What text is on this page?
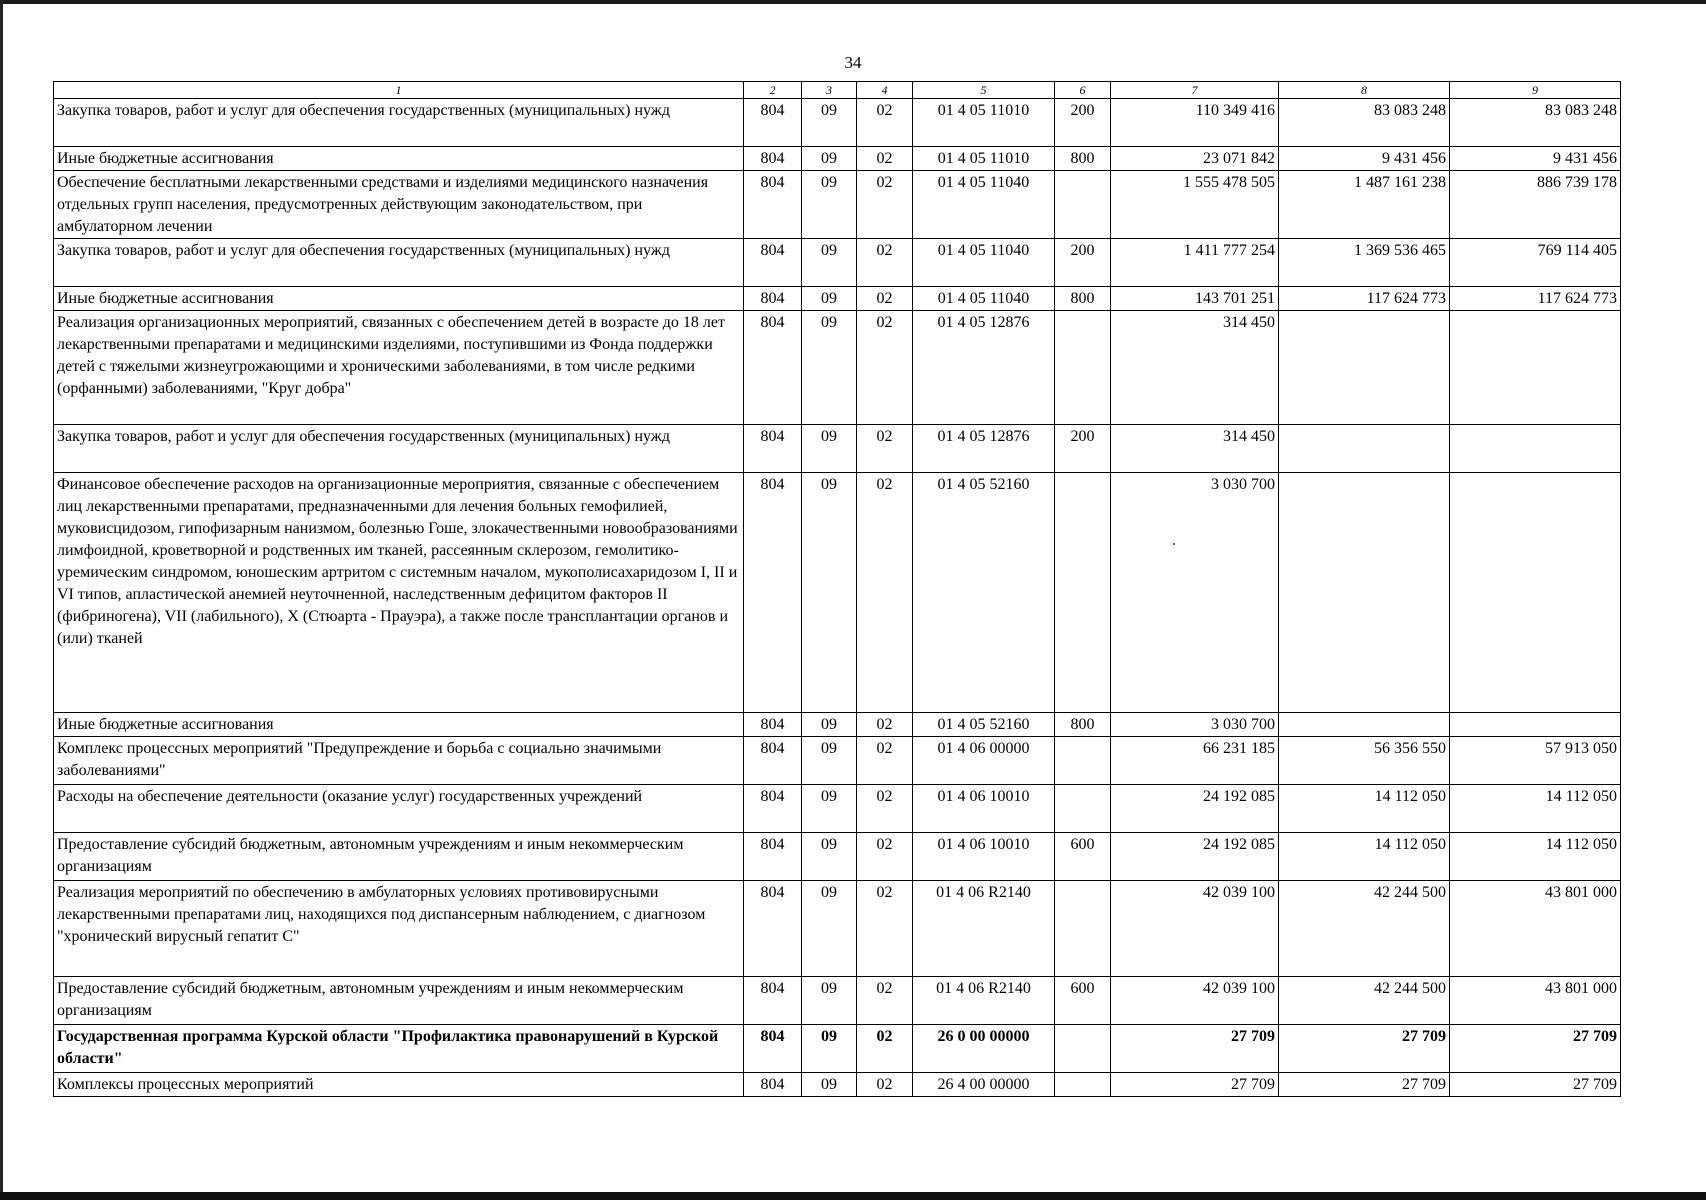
34
1	2	3	4	5	6	7	8	9
Закупка товаров, работ и услуг для обеспечения государственных (муниципальных) нужд	804	09	02	01 4 05 11010	200	110 349 416	83 083 248	83 083 248
Иные бюджетные ассигнования	804	09	02	01 4 05 11010	800	23 071 842	9 431 456	9 431 456
Обеспечение бесплатными лекарственными средствами и изделиями медицинского назначения отдельных групп населения, предусмотренных действующим законодательством, при амбулаторном лечении	804	09	02	01 4 05 11040		1 555 478 505	1 487 161 238	886 739 178
Закупка товаров, работ и услуг для обеспечения государственных (муниципальных) нужд	804	09	02	01 4 05 11040	200	1 411 777 254	1 369 536 465	769 114 405
Иные бюджетные ассигнования	804	09	02	01 4 05 11040	800	143 701 251	117 624 773	117 624 773
Реализация организационных мероприятий, связанных с обеспечением детей в возрасте до 18 лет лекарственными препаратами и медицинскими изделиями, поступившими из Фонда поддержки детей с тяжелыми жизнеугрожающими и хроническими заболеваниями, в том числе редкими (орфанными) заболеваниями, "Круг добра"	804	09	02	01 4 05 12876		314 450		
Закупка товаров, работ и услуг для обеспечения государственных (муниципальных) нужд	804	09	02	01 4 05 12876	200	314 450		
Финансовое обеспечение расходов на организационные мероприятия, связанные с обеспечением лиц лекарственными препаратами, предназначенными для лечения больных гемофилией, муковисцидозом, гипофизарным нанизмом, болезнью Гоше, злокачественными новообразованиями лимфоидной, кроветворной и родственных им тканей, рассеянным склерозом, гемолитико-уремическим синдромом, юношеским артритом с системным началом, мукополисахаридозом I, II и VI типов, апластической анемией неуточненной, наследственным дефицитом факторов II (фибриногена), VII (лабильного), X (Стюарта - Прауэра), а также после трансплантации органов и (или) тканей	804	09	02	01 4 05 52160		3 030 700		
Иные бюджетные ассигнования	804	09	02	01 4 05 52160	800	3 030 700		
Комплекс процессных мероприятий "Предупреждение и борьба с социально значимыми заболеваниями"	804	09	02	01 4 06 00000		66 231 185	56 356 550	57 913 050
Расходы на обеспечение деятельности (оказание услуг) государственных учреждений	804	09	02	01 4 06 10010		24 192 085	14 112 050	14 112 050
Предоставление субсидий бюджетным, автономным учреждениям и иным некоммерческим организациям	804	09	02	01 4 06 10010	600	24 192 085	14 112 050	14 112 050
Реализация мероприятий по обеспечению в амбулаторных условиях противовирусными лекарственными препаратами лиц, находящихся под диспансерным наблюдением, с диагнозом "хронический вирусный гепатит С"	804	09	02	01 4 06 R2140		42 039 100	42 244 500	43 801 000
Предоставление субсидий бюджетным, автономным учреждениям и иным некоммерческим организациям	804	09	02	01 4 06 R2140	600	42 039 100	42 244 500	43 801 000
Государственная программа Курской области "Профилактика правонарушений в Курской области"	804	09	02	26 0 00 00000		27 709	27 709	27 709
Комплексы процессных мероприятий	804	09	02	26 4 00 00000		27 709	27 709	27 709
